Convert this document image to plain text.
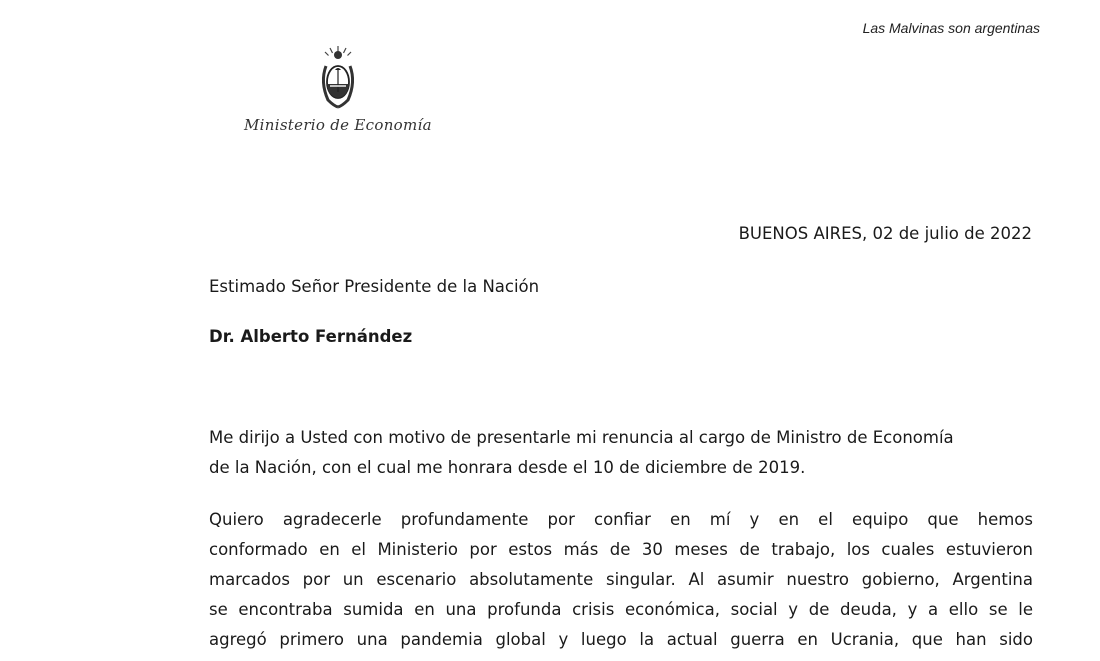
Las Malvinas son argentinas
Ministerio de Economía
BUENOS AIRES, 02 de julio de 2022
Estimado Señor Presidente de la Nación
Dr. Alberto Fernández
Me dirijo a Usted con motivo de presentarle mi renuncia al cargo de Ministro de Economía
de la Nación, con el cual me honrara desde el 10 de diciembre de 2019.
Quiero agradecerle profundamente por confiar en mí y en el equipo que hemos
conformado en el Ministerio por estos más de 30 meses de trabajo, los cuales estuvieron
marcados por un escenario absolutamente singular. Al asumir nuestro gobierno, Argentina
se encontraba sumida en una profunda crisis económica, social y de deuda, y a ello se le
agregó primero una pandemia global y luego la actual guerra en Ucrania, que han sido
